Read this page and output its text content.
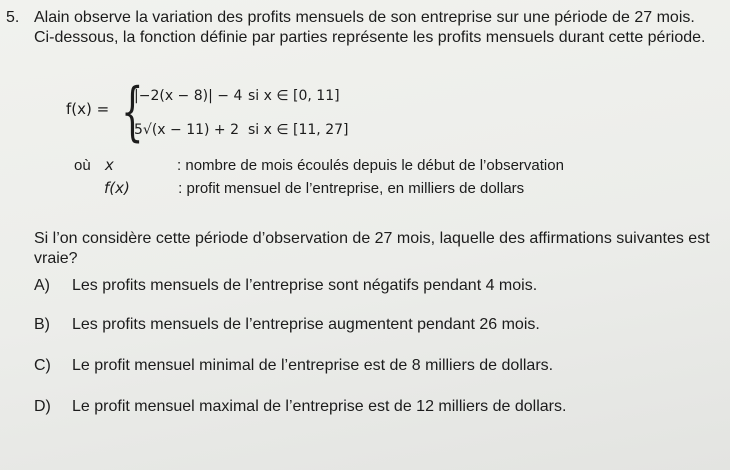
5. Alain observe la variation des profits mensuels de son entreprise sur une période de 27 mois. Ci-dessous, la fonction définie par parties représente les profits mensuels durant cette période.
f(x) = {
|−2(x − 8)| − 4 si x ∈ [0, 11]
5√(x − 11) + 2 si x ∈ [11, 27]
où x	: nombre de mois écoulés depuis le début de l’observation
f(x)	: profit mensuel de l’entreprise, en milliers de dollars
Si l’on considère cette période d’observation de 27 mois, laquelle des affirmations suivantes est vraie?
A) Les profits mensuels de l’entreprise sont négatifs pendant 4 mois.
B) Les profits mensuels de l’entreprise augmentent pendant 26 mois.
C) Le profit mensuel minimal de l’entreprise est de 8 milliers de dollars.
D) Le profit mensuel maximal de l’entreprise est de 12 milliers de dollars.
